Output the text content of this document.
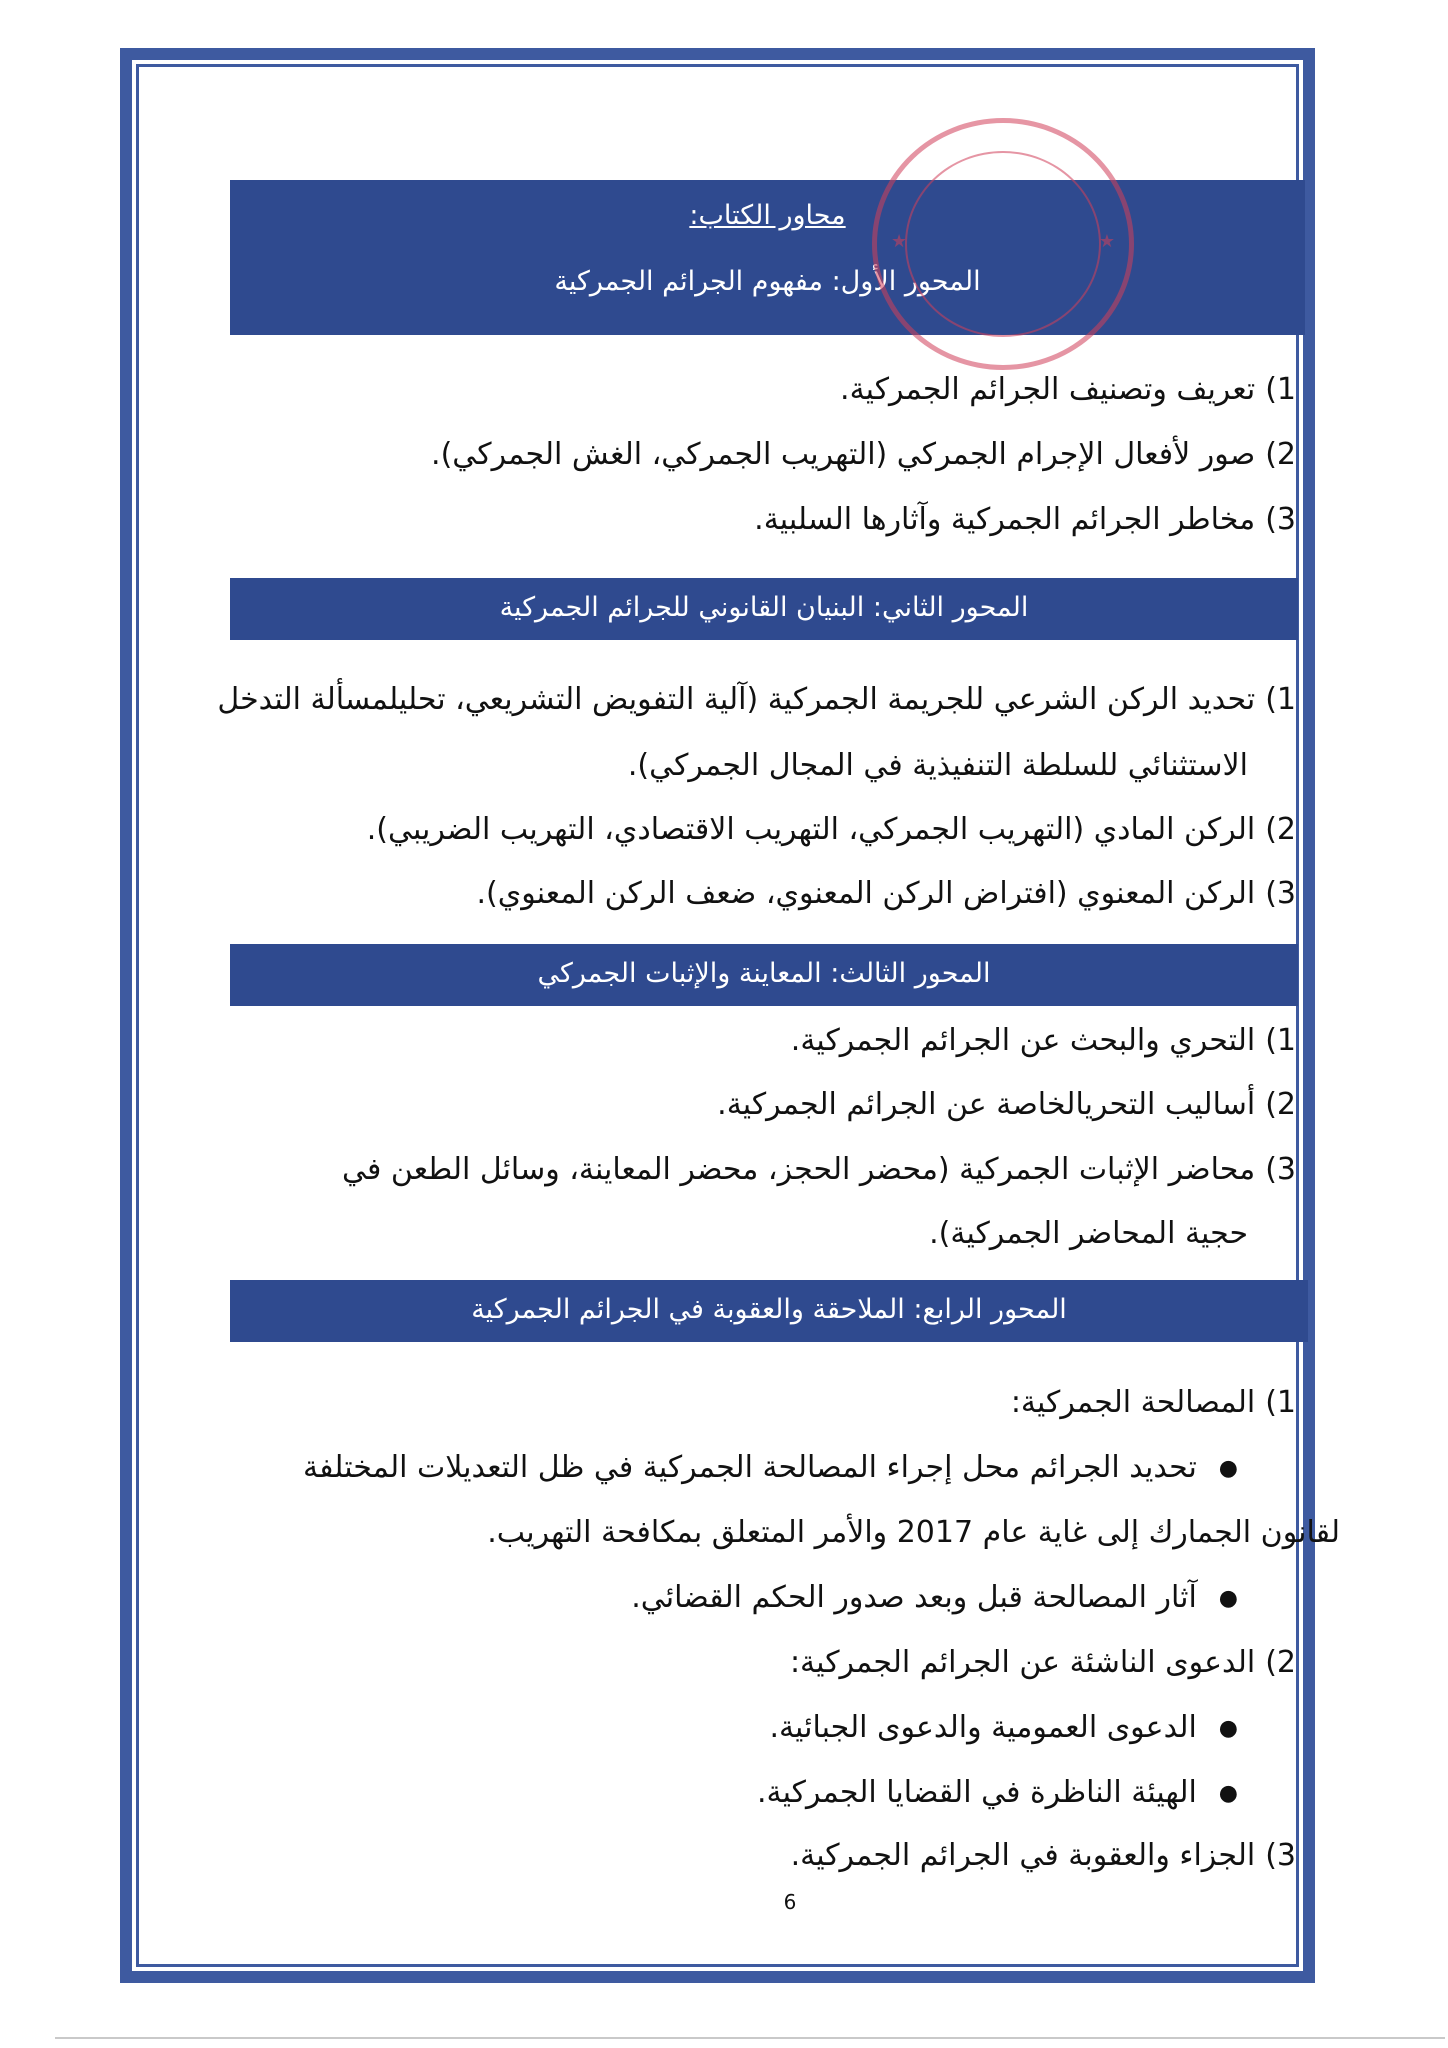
محاور الكتاب:
المحور الأول: مفهوم الجرائم الجمركية
★	★
1)تعريف وتصنيف الجرائم الجمركية.
2)صور لأفعال الإجرام الجمركي (التهريب الجمركي، الغش الجمركي).
3)مخاطر الجرائم الجمركية وآثارها السلبية.
المحور الثاني: البنيان القانوني للجرائم الجمركية
1)تحديد الركن الشرعي للجريمة الجمركية (آلية التفويض التشريعي، تحليلمسألة التدخل
الاستثنائي للسلطة التنفيذية في المجال الجمركي).
2)الركن المادي (التهريب الجمركي، التهريب الاقتصادي، التهريب الضريبي).
3)الركن المعنوي (افتراض الركن المعنوي، ضعف الركن المعنوي).
المحور الثالث: المعاينة والإثبات الجمركي
1)التحري والبحث عن الجرائم الجمركية.
2)أساليب التحريالخاصة عن الجرائم الجمركية.
3)محاضر الإثبات الجمركية (محضر الحجز، محضر المعاينة، وسائل الطعن في
حجية المحاضر الجمركية).
المحور الرابع: الملاحقة والعقوبة في الجرائم الجمركية
1)المصالحة الجمركية:
●تحديد الجرائم محل إجراء المصالحة الجمركية في ظل التعديلات المختلفة
لقانون الجمارك إلى غاية عام 2017 والأمر المتعلق بمكافحة التهريب.
●آثار المصالحة قبل وبعد صدور الحكم القضائي.
2)الدعوى الناشئة عن الجرائم الجمركية:
●الدعوى العمومية والدعوى الجبائية.
●الهيئة الناظرة في القضايا الجمركية.
3)الجزاء والعقوبة في الجرائم الجمركية.
6
